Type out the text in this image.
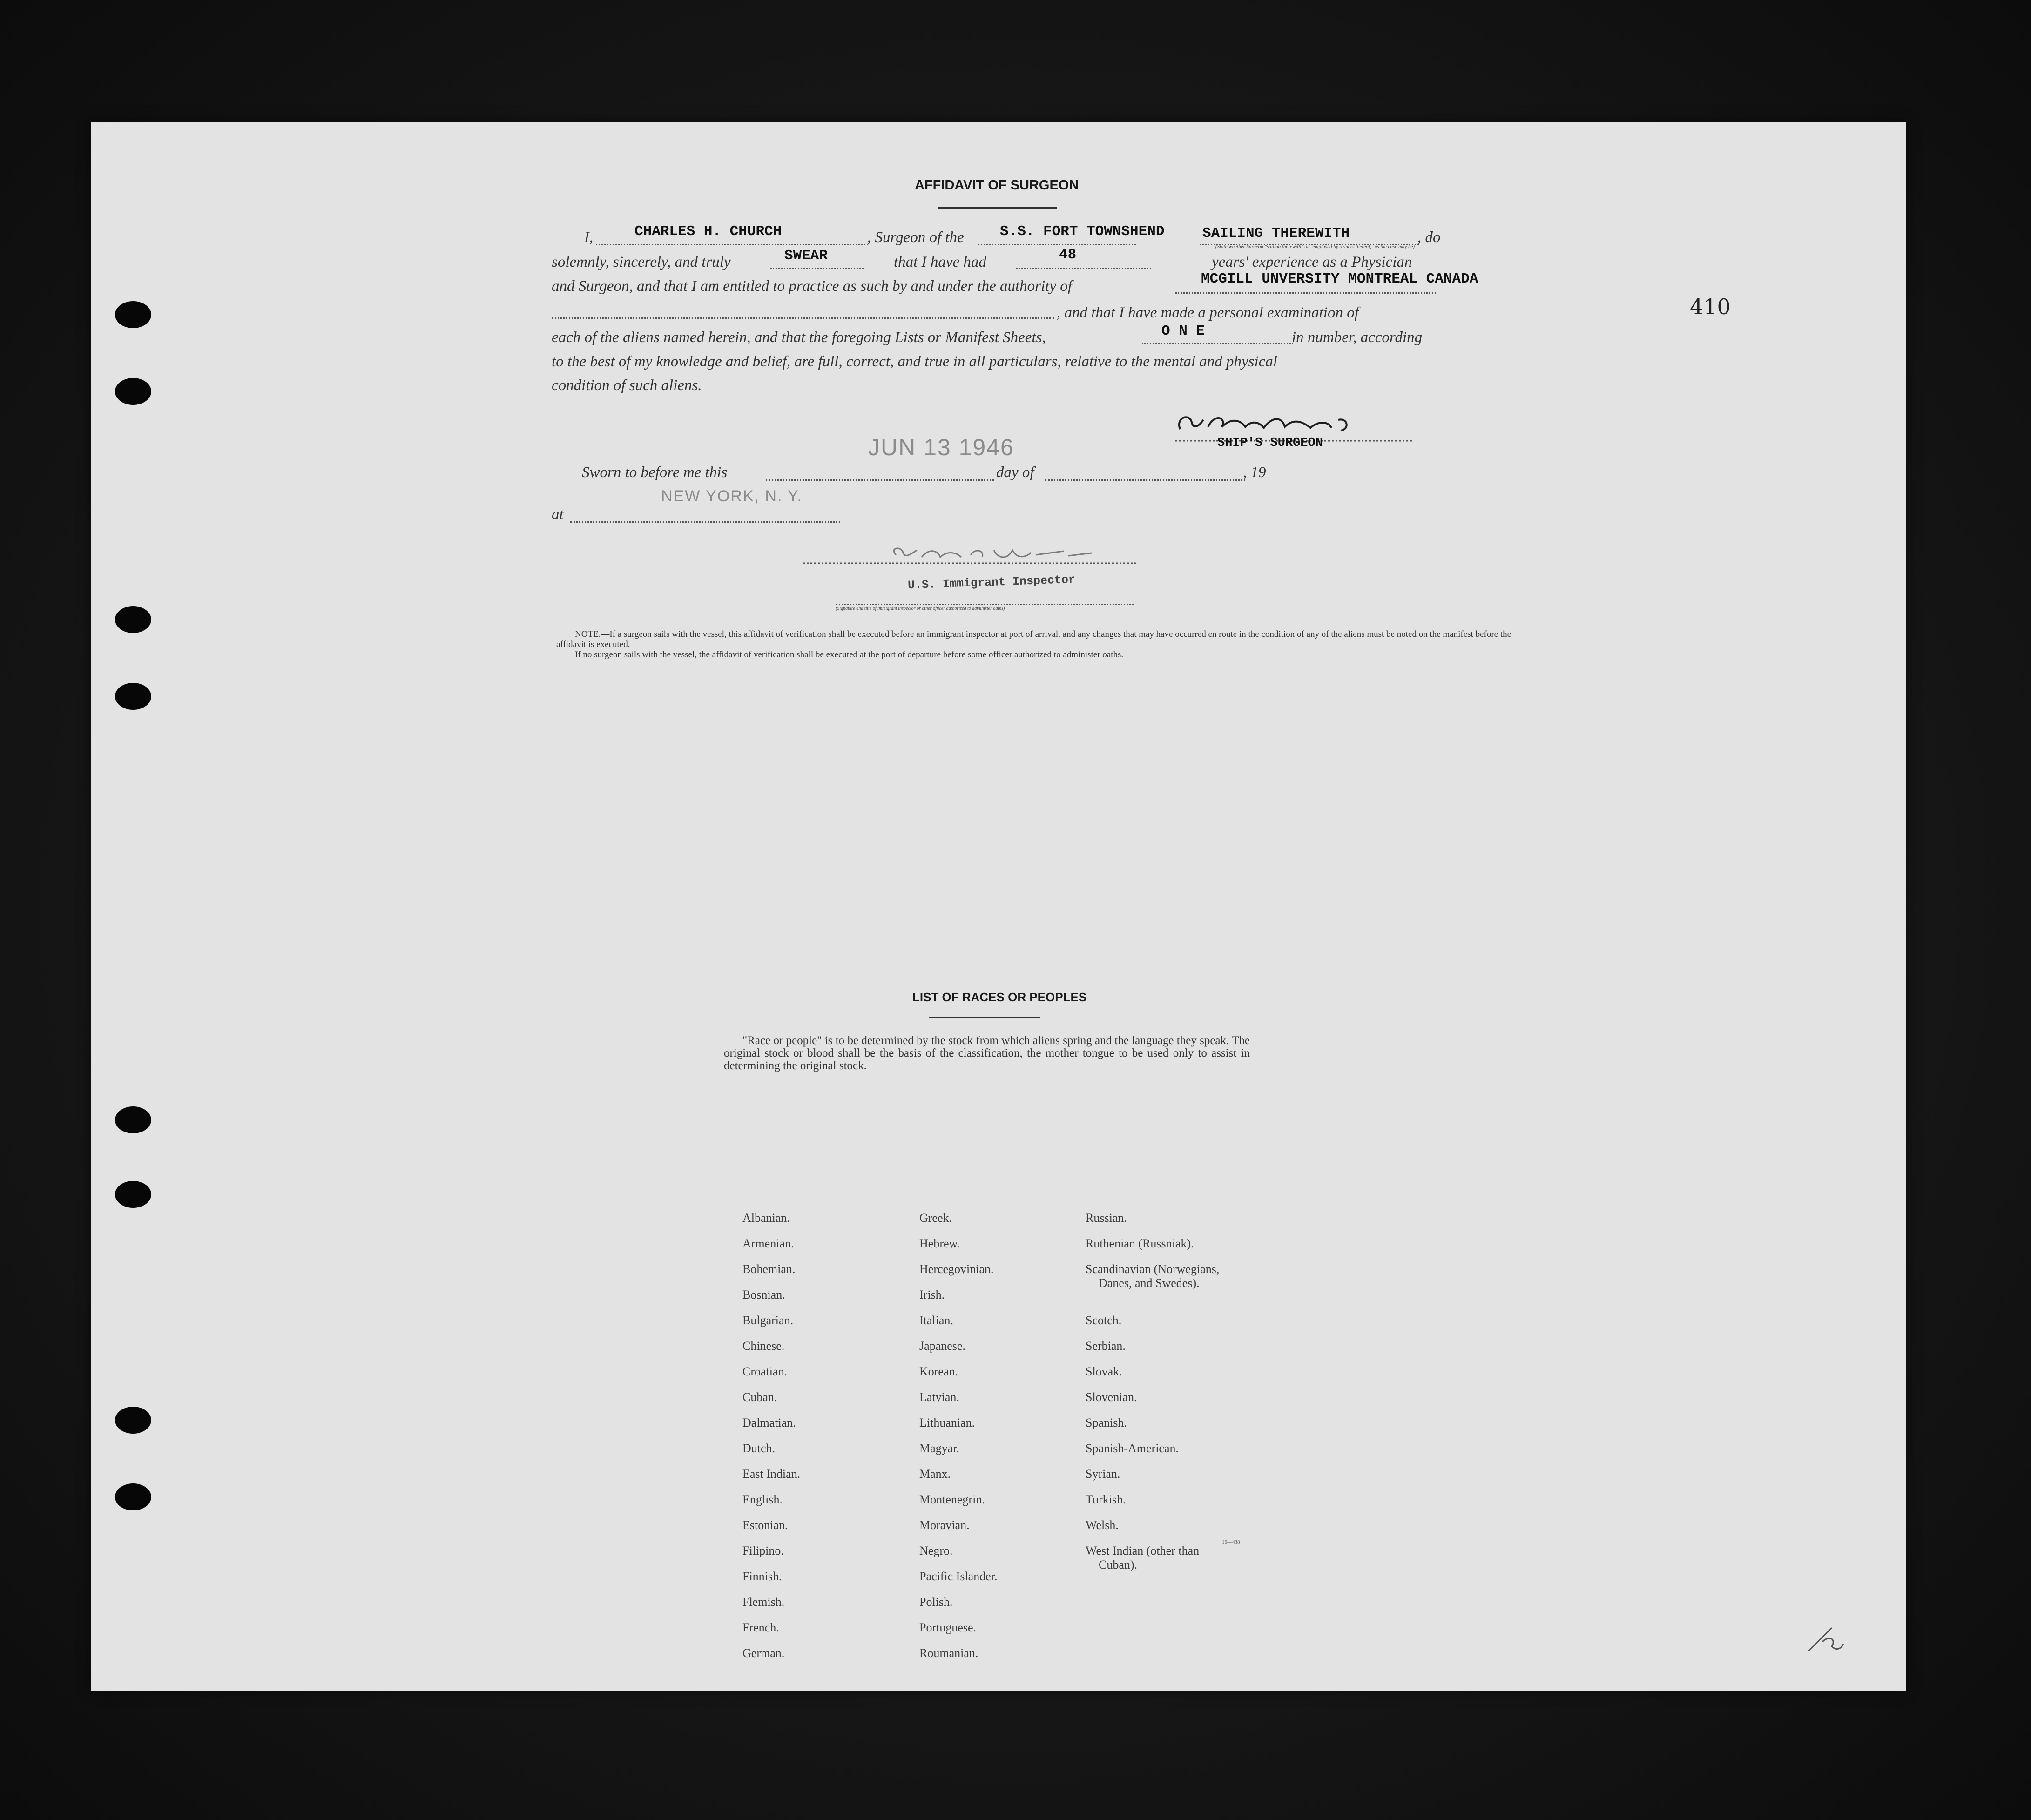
410
AFFIDAVIT OF SURGEON
I,	CHARLES H. CHURCH	, Surgeon of the S.S. FORT TOWNSHEND	SAILING THEREWITH
(State whether Surgeon "sailing therewith" or "employed by owners thereof," as the case may be)
, do
solemnly, sincerely, and truly	SWEAR	that I have had	48	years' experience as a Physician
and Surgeon, and that I am entitled to practice as such by and under the authority of	MCGILL UNVERSITY MONTREAL CANADA
, and that I have made a personal examination of
each of the aliens named herein, and that the foregoing Lists or Manifest Sheets,	O N E	in number, according
to the best of my knowledge and belief, are full, correct, and true in all particulars, relative to the mental and physical
condition of such aliens.
SHIP'S SURGEON
Sworn to before me this
JUN 13 1946
day of	, 19
NEW YORK, N. Y.
at
U.S. Immigrant Inspector
(Signature and title of immigrant inspector or other officer authorized to administer oaths)
NOTE.—If a surgeon sails with the vessel, this affidavit of verification shall be executed before an immigrant inspector at port of arrival, and any changes that may have occurred en route in the condition of any of the aliens must be noted on the manifest before the affidavit is executed.
If no surgeon sails with the vessel, the affidavit of verification shall be executed at the port of departure before some officer authorized to administer oaths.
LIST OF RACES OR PEOPLES
"Race or people" is to be determined by the stock from which aliens spring and the language they speak. The original stock or blood shall be the basis of the classification, the mother tongue to be used only to assist in determining the original stock.
Albanian.
Armenian.
Bohemian.
Bosnian.
Bulgarian.
Chinese.
Croatian.
Cuban.
Dalmatian.
Dutch.
East Indian.
English.
Estonian.
Filipino.
Finnish.
Flemish.
French.
German.
Greek.
Hebrew.
Hercegovinian.
Irish.
Italian.
Japanese.
Korean.
Latvian.
Lithuanian.
Magyar.
Manx.
Montenegrin.
Moravian.
Negro.
Pacific Islander.
Polish.
Portuguese.
Roumanian.
Russian.
Ruthenian (Russniak).
Scandinavian (Norwegians,
Danes, and Swedes).
Scotch.
Serbian.
Slovak.
Slovenian.
Spanish.
Spanish-American.
Syrian.
Turkish.
Welsh.
West Indian (other than
Cuban).
16—438
